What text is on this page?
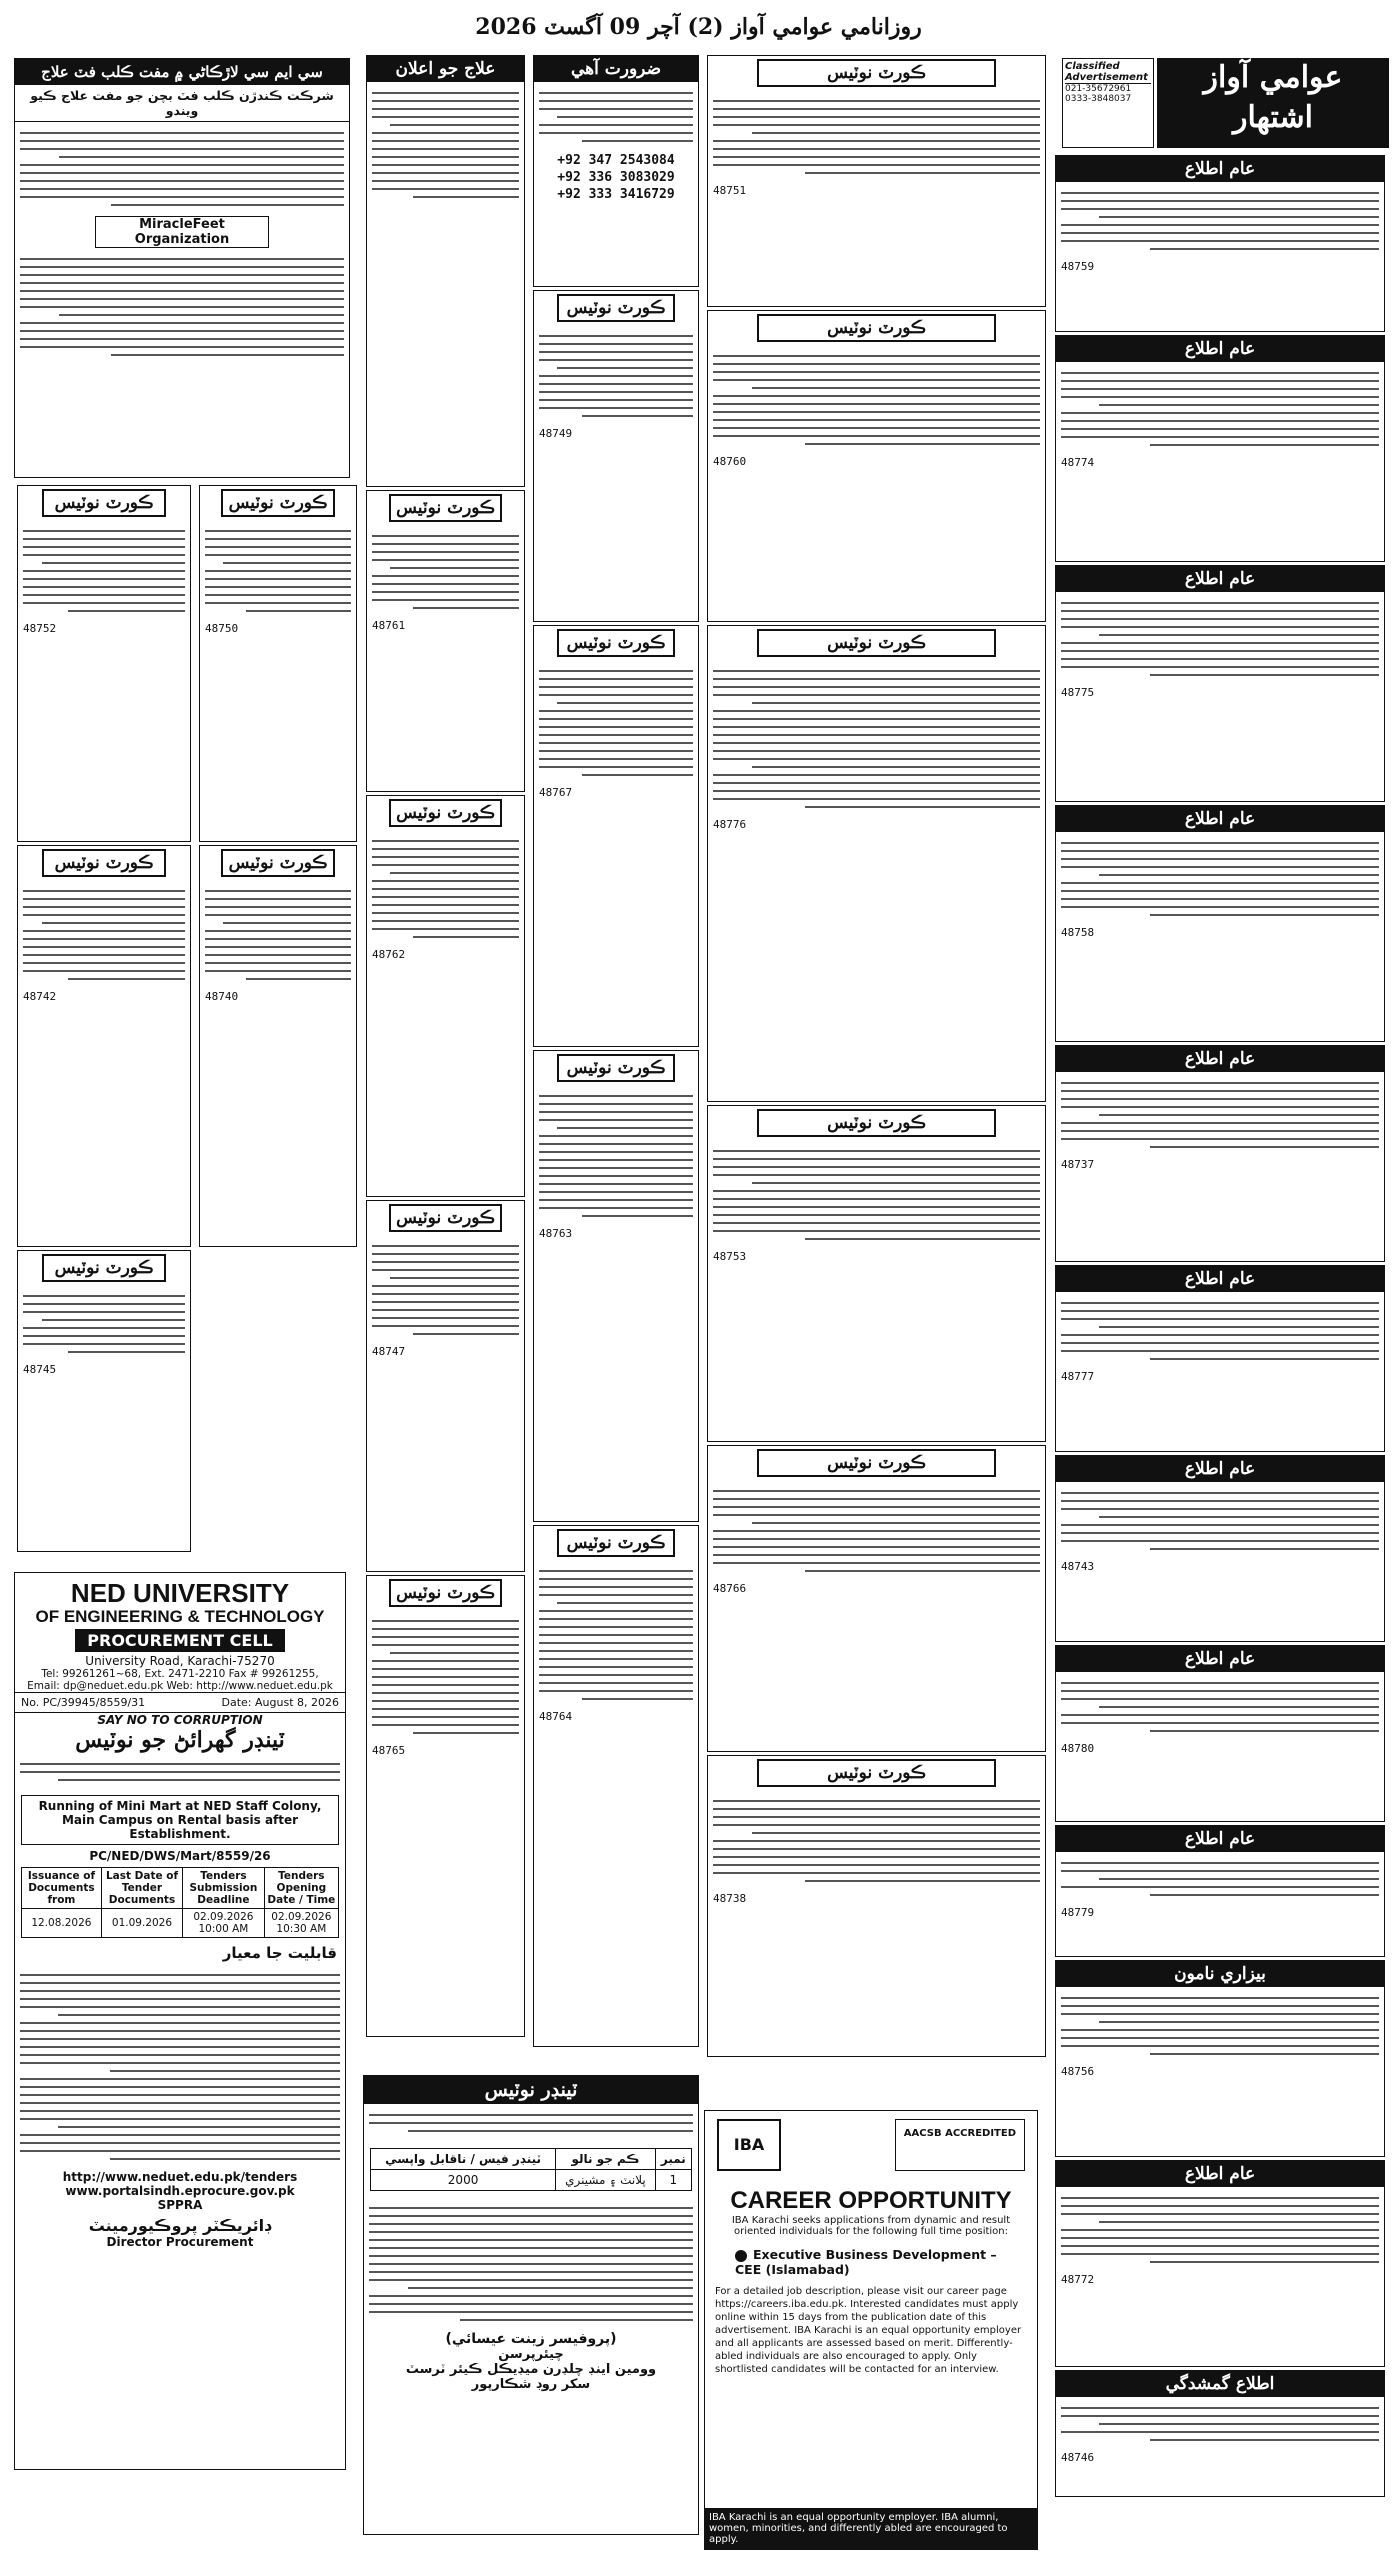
روزانامي عوامي آواز (2) آچر 09 آگسٽ 2026
عوامي آواز
اشتھار
Classified Advertisement
021-35672961
0333-3848037
عام اطلاع
48759
عام اطلاع
48774
عام اطلاع
48775
عام اطلاع
48758
عام اطلاع
48737
عام اطلاع
48777
عام اطلاع
48743
عام اطلاع
48780
عام اطلاع
48779
بيزاري نامون
48756
عام اطلاع
48772
اطلاع گمشدگي
48746
ڪورٽ نوٽيس
48751
ڪورٽ نوٽيس
48760
ڪورٽ نوٽيس
48776
ڪورٽ نوٽيس
48753
ڪورٽ نوٽيس
48766
ڪورٽ نوٽيس
48738
IBA
AACSB ACCREDITED
CAREER OPPORTUNITY
IBA Karachi seeks applications from dynamic and result oriented individuals for the following full time position:
Executive Business Development – CEE (Islamabad)
For a detailed job description, please visit our career page https://careers.iba.edu.pk. Interested candidates must apply online within 15 days from the publication date of this advertisement. IBA Karachi is an equal opportunity employer and all applicants are assessed based on merit. Differently-abled individuals are also encouraged to apply. Only shortlisted candidates will be contacted for an interview.
IBA Karachi is an equal opportunity employer. IBA alumni, women, minorities, and differently abled are encouraged to apply.
ضرورت آهي
+92 347 2543084
+92 336 3083029
+92 333 3416729
ڪورٽ نوٽيس
48749
ڪورٽ نوٽيس
48767
ڪورٽ نوٽيس
48763
ڪورٽ نوٽيس
48764
علاج جو اعلان
ڪورٽ نوٽيس
48761
ڪورٽ نوٽيس
48762
ڪورٽ نوٽيس
48747
ڪورٽ نوٽيس
48765
ٽينڊر نوٽيس
ٽينڊر فيس / ناقابل واپسي	ڪم جو نالو	نمبر
2000	پلانٽ ۽ مشينري	1
(پروفيسر زينت عيسائي)
چيئرپرسن
وومين اينڊ چلڊرن ميڊيڪل ڪيئر ٽرسٽ
سکر روڊ شڪارپور
سي ايم سي لاڙڪاڻي ۾ مفت ڪلب فٽ علاج
شرڪت ڪندڙن ڪلب فٽ بچن جو مفت علاج ڪيو ويندو
MiracleFeet Organization
ڪورٽ نوٽيس
48752
ڪورٽ نوٽيس
48742
ڪورٽ نوٽيس
48745
ڪورٽ نوٽيس
48750
ڪورٽ نوٽيس
48740
NED UNIVERSITY
OF ENGINEERING & TECHNOLOGY
PROCUREMENT CELL
University Road, Karachi-75270
Tel: 99261261~68, Ext. 2471-2210 Fax # 99261255,
Email: dp@neduet.edu.pk Web: http://www.neduet.edu.pk
No. PC/39945/8559/31	Date: August 8, 2026
SAY NO TO CORRUPTION
ٽينڊر گهرائڻ جو نوٽيس
Running of Mini Mart at NED Staff Colony, Main Campus on Rental basis after Establishment.
PC/NED/DWS/Mart/8559/26
Issuance of Documents from	Last Date of Tender Documents	Tenders Submission Deadline	Tenders Opening Date / Time
12.08.2026	01.09.2026	02.09.2026 10:00 AM	02.09.2026 10:30 AM
قابليت جا معيار
http://www.neduet.edu.pk/tenders
www.portalsindh.eprocure.gov.pk
SPPRA
ڊائريڪٽر پروڪيورمينٽ
Director Procurement
